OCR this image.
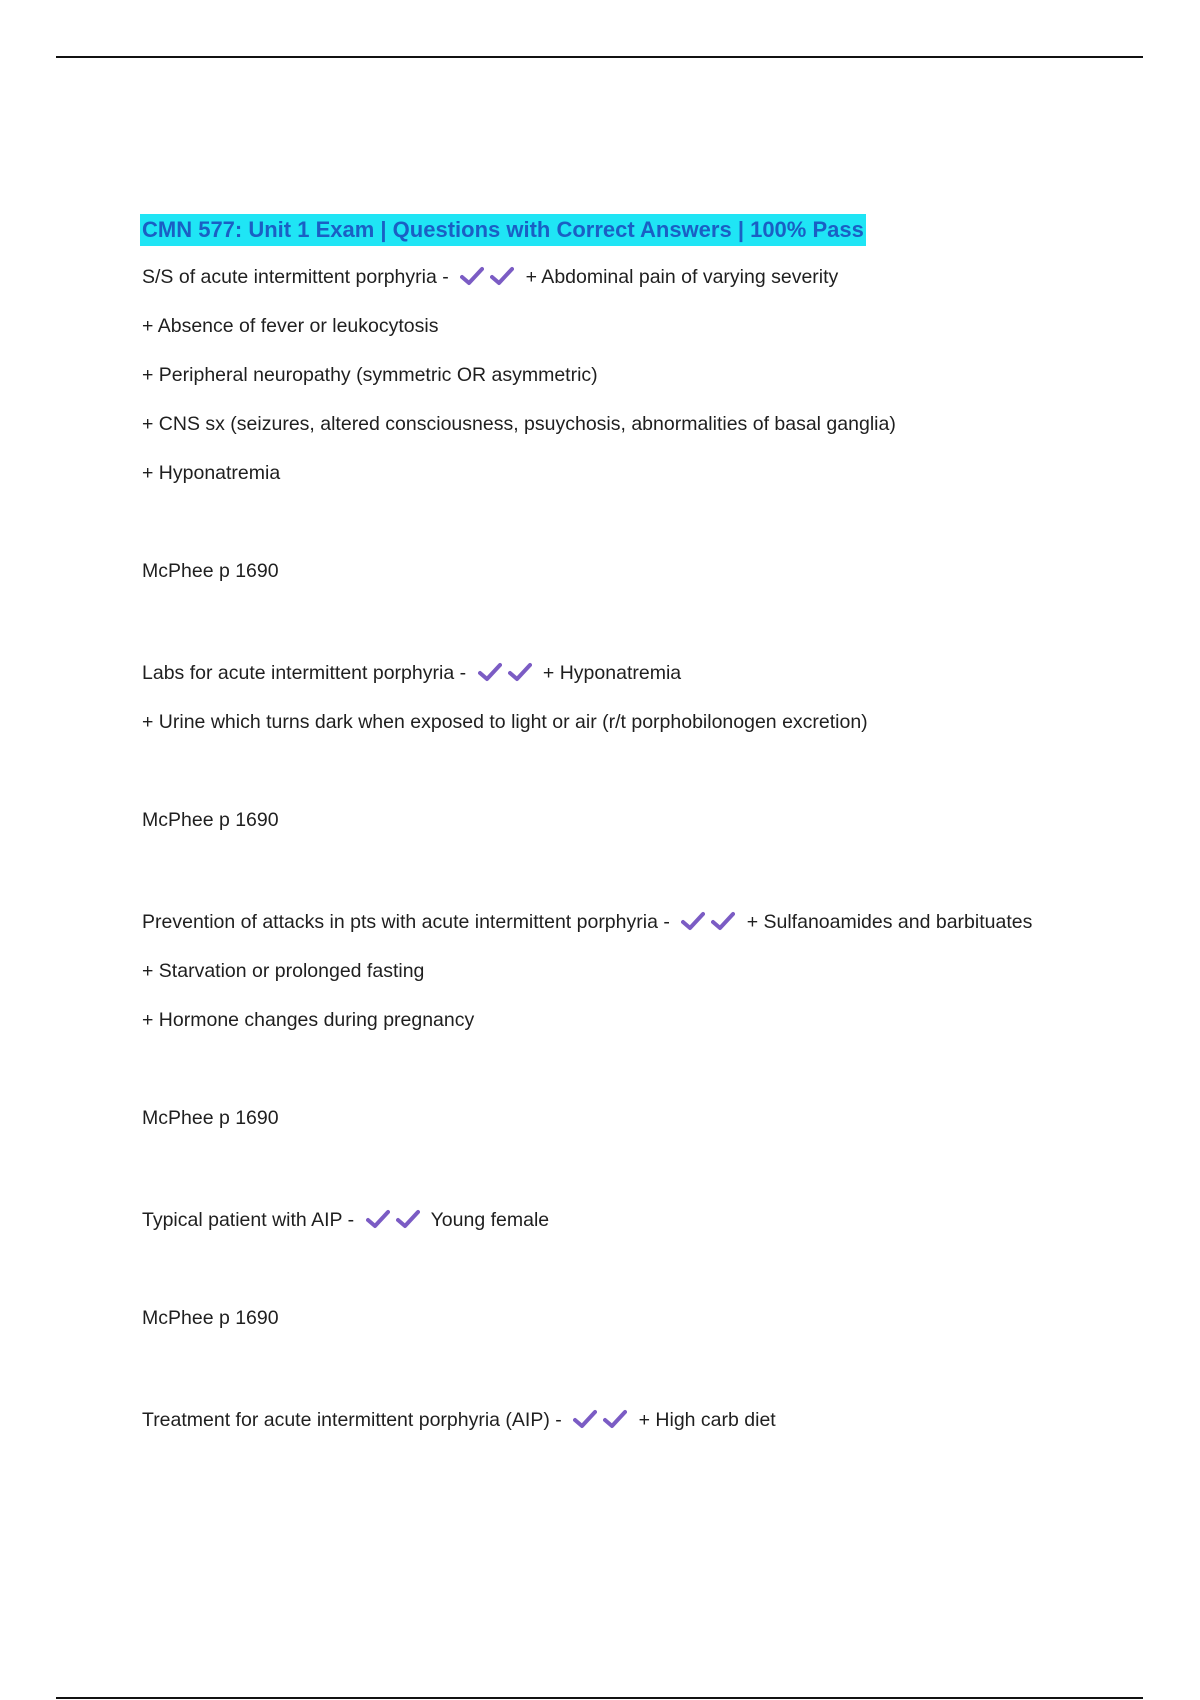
CMN 577: Unit 1 Exam | Questions with Correct Answers | 100% Pass
S/S of acute intermittent porphyria -	+ Abdominal pain of varying severity
+ Absence of fever or leukocytosis
+ Peripheral neuropathy (symmetric OR asymmetric)
+ CNS sx (seizures, altered consciousness, psuychosis, abnormalities of basal ganglia)
+ Hyponatremia
McPhee p 1690
Labs for acute intermittent porphyria -	+ Hyponatremia
+ Urine which turns dark when exposed to light or air (r/t porphobilonogen excretion)
McPhee p 1690
Prevention of attacks in pts with acute intermittent porphyria -	+ Sulfanoamides and barbituates
+ Starvation or prolonged fasting
+ Hormone changes during pregnancy
McPhee p 1690
Typical patient with AIP -	Young female
McPhee p 1690
Treatment for acute intermittent porphyria (AIP) -	+ High carb diet
